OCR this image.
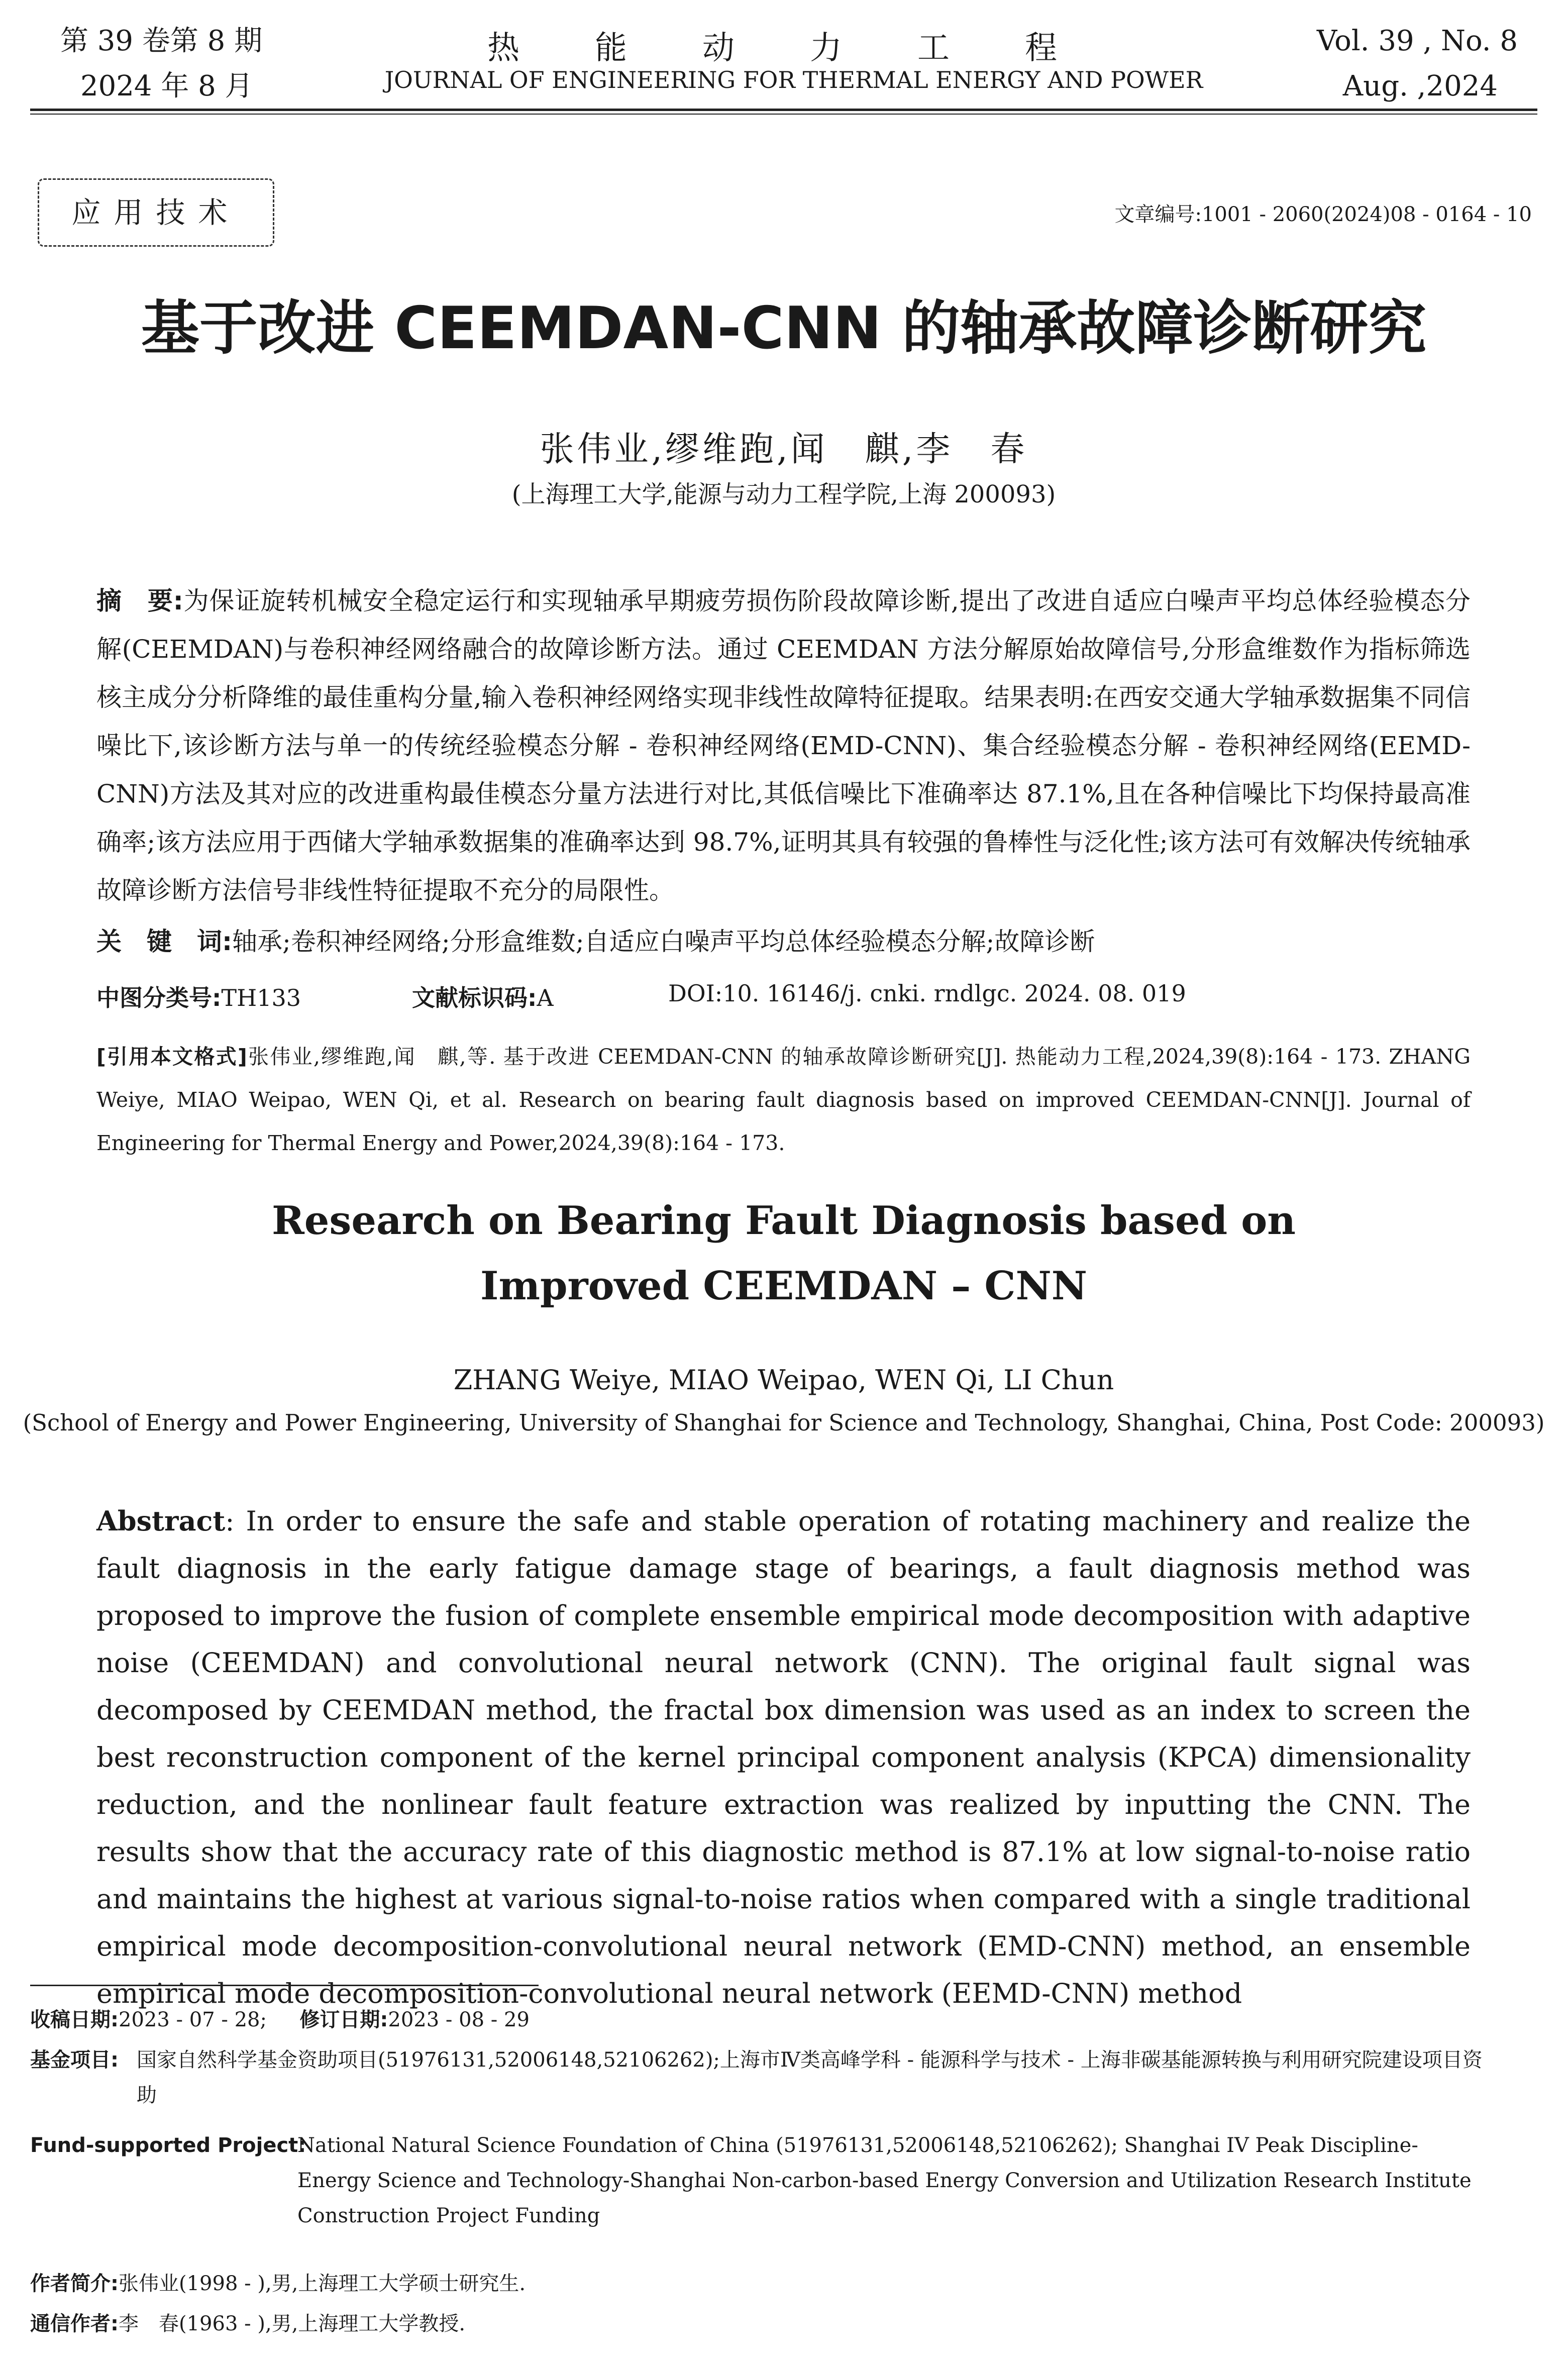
第 39 卷第 8 期
2024 年 8 月
热能动力工程
JOURNAL OF ENGINEERING FOR THERMAL ENERGY AND POWER
Vol. 39 , No. 8
Aug. ,2024
应用技术	文章编号:1001 - 2060(2024)08 - 0164 - 10
基于改进 CEEMDAN-CNN 的轴承故障诊断研究
张伟业,缪维跑,闻　麒,李　春
(上海理工大学,能源与动力工程学院,上海 200093)
摘　要:为保证旋转机械安全稳定运行和实现轴承早期疲劳损伤阶段故障诊断,提出了改进自适应白噪声平均总体经验模态分解(CEEMDAN)与卷积神经网络融合的故障诊断方法。通过 CEEMDAN 方法分解原始故障信号,分形盒维数作为指标筛选核主成分分析降维的最佳重构分量,输入卷积神经网络实现非线性故障特征提取。结果表明:在西安交通大学轴承数据集不同信噪比下,该诊断方法与单一的传统经验模态分解 - 卷积神经网络(EMD-CNN)、集合经验模态分解 - 卷积神经网络(EEMD-CNN)方法及其对应的改进重构最佳模态分量方法进行对比,其低信噪比下准确率达 87.1%,且在各种信噪比下均保持最高准确率;该方法应用于西储大学轴承数据集的准确率达到 98.7%,证明其具有较强的鲁棒性与泛化性;该方法可有效解决传统轴承故障诊断方法信号非线性特征提取不充分的局限性。
关　键　词:轴承;卷积神经网络;分形盒维数;自适应白噪声平均总体经验模态分解;故障诊断
中图分类号:TH133	文献标识码:A	DOI:10. 16146/j. cnki. rndlgc. 2024. 08. 019
[引用本文格式]张伟业,缪维跑,闻　麒,等. 基于改进 CEEMDAN-CNN 的轴承故障诊断研究[J]. 热能动力工程,2024,39(8):164 - 173. ZHANG Weiye, MIAO Weipao, WEN Qi, et al. Research on bearing fault diagnosis based on improved CEEMDAN-CNN[J]. Journal of Engineering for Thermal Energy and Power,2024,39(8):164 - 173.
Research on Bearing Fault Diagnosis based on
Improved CEEMDAN – CNN
ZHANG Weiye, MIAO Weipao, WEN Qi, LI Chun
(School of Energy and Power Engineering, University of Shanghai for Science and Technology, Shanghai, China, Post Code: 200093)
Abstract: In order to ensure the safe and stable operation of rotating machinery and realize the fault diagnosis in the early fatigue damage stage of bearings, a fault diagnosis method was proposed to improve the fusion of complete ensemble empirical mode decomposition with adaptive noise (CEEMDAN) and convolutional neural network (CNN). The original fault signal was decomposed by CEEMDAN method, the fractal box dimension was used as an index to screen the best reconstruction component of the kernel principal component analysis (KPCA) dimensionality reduction, and the nonlinear fault feature extraction was realized by inputting the CNN. The results show that the accuracy rate of this diagnostic method is 87.1% at low signal-to-noise ratio and maintains the highest at various signal-to-noise ratios when compared with a single traditional empirical mode decomposition-convolutional neural network (EMD-CNN) method, an ensemble empirical mode decomposition-convolutional neural network (EEMD-CNN) method
收稿日期:2023 - 07 - 28; 修订日期:2023 - 08 - 29
基金项目: 国家自然科学基金资助项目(51976131,52006148,52106262);上海市Ⅳ类高峰学科 - 能源科学与技术 - 上海非碳基能源转换与利用研究院建设项目资助
Fund-supported Project:
National Natural Science Foundation of China (51976131,52006148,52106262); Shanghai IV Peak Discipline-Energy Science and Technology-Shanghai Non-carbon-based Energy Conversion and Utilization Research Institute Construction Project Funding
作者简介:张伟业(1998 - ),男,上海理工大学硕士研究生.
通信作者:李　春(1963 - ),男,上海理工大学教授.
